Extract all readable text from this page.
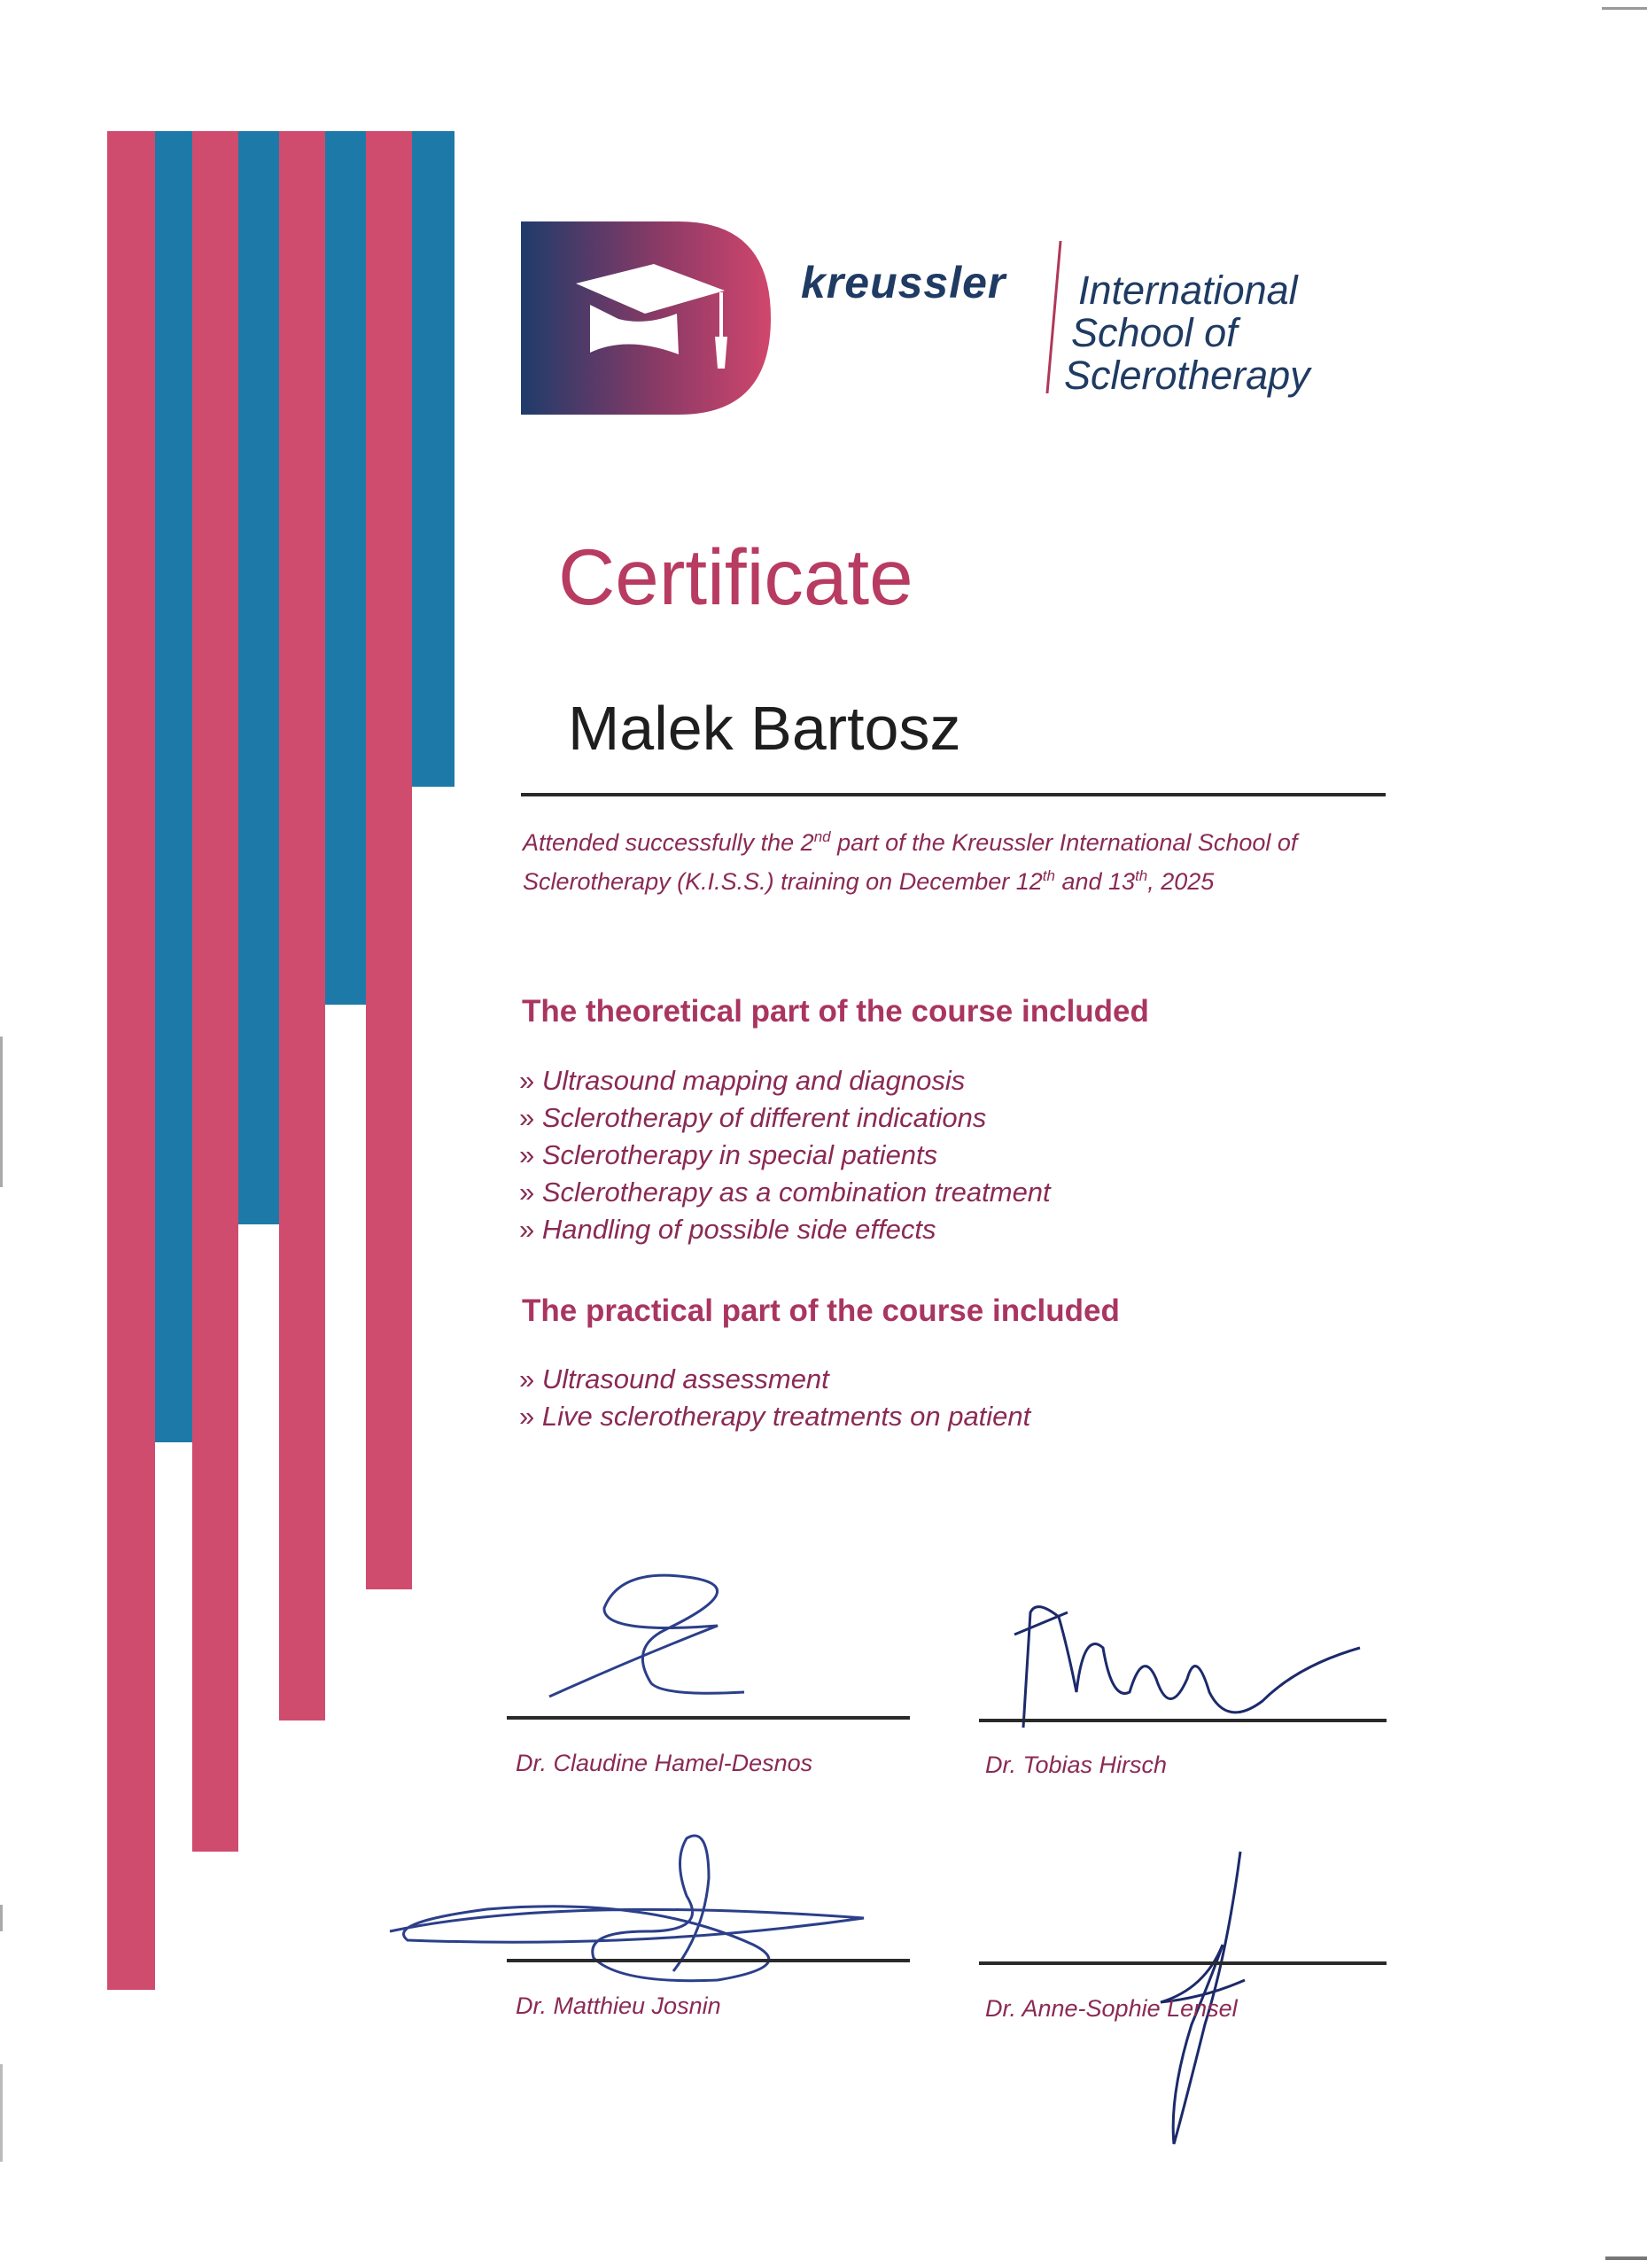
kreussler International
School of
Sclerotherapy
Certificate
Malek Bartosz
Attended successfully the 2nd part of the Kreussler International School of Sclerotherapy (K.I.S.S.) training on December 12th and 13th, 2025
The theoretical part of the course included
» Ultrasound mapping and diagnosis
» Sclerotherapy of different indications
» Sclerotherapy in special patients
» Sclerotherapy as a combination treatment
» Handling of possible side effects
The practical part of the course included
» Ultrasound assessment
» Live sclerotherapy treatments on patient
Dr. Claudine Hamel-Desnos	Dr. Tobias Hirsch
Dr. Matthieu Josnin	Dr. Anne-Sophie Lensel
